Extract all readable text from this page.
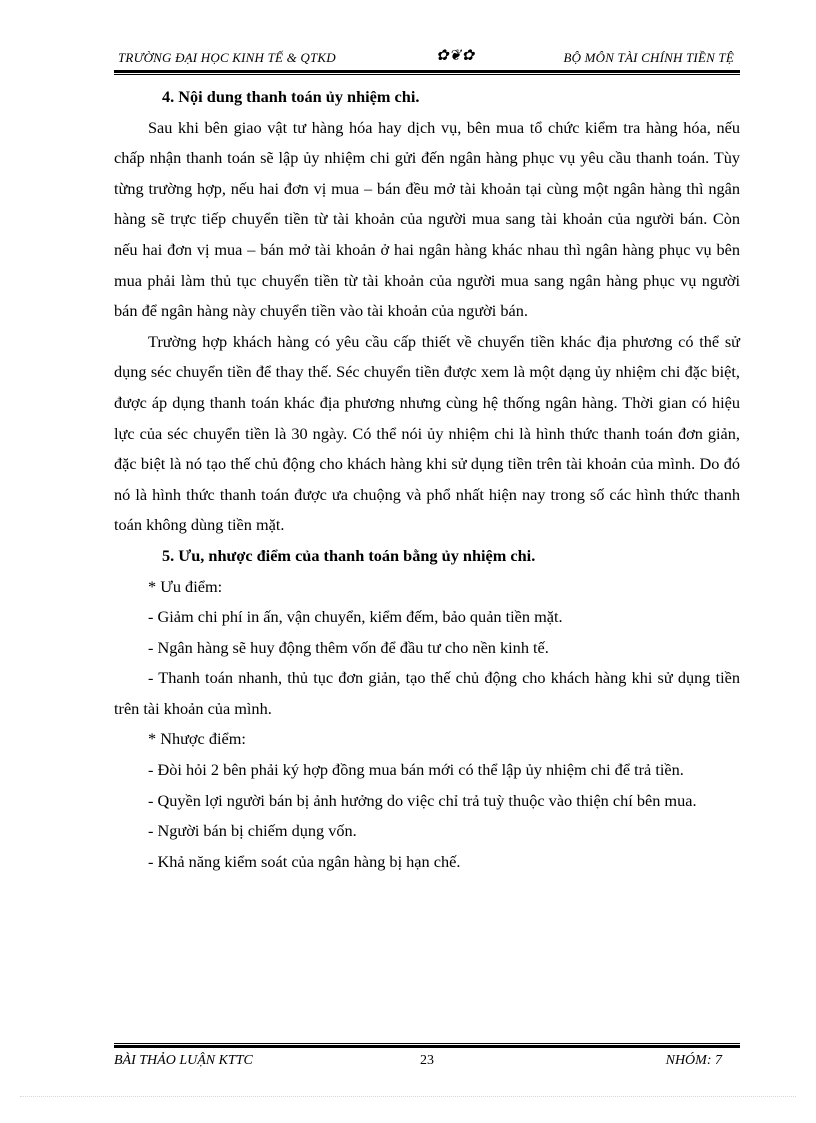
TRƯỜNG ĐẠI HỌC KINH TẾ & QTKD	✿❦✿	BỘ MÔN TÀI CHÍNH TIỀN TỆ

4. Nội dung thanh toán ủy nhiệm chi.

Sau khi bên giao vật tư hàng hóa hay dịch vụ, bên mua tổ chức kiểm tra hàng hóa, nếu chấp nhận thanh toán sẽ lập ủy nhiệm chi gửi đến ngân hàng phục vụ yêu cầu thanh toán. Tùy từng trường hợp, nếu hai đơn vị mua – bán đều mở tài khoản tại cùng một ngân hàng thì ngân hàng sẽ trực tiếp chuyển tiền từ tài khoản của người mua sang tài khoản của người bán. Còn nếu hai đơn vị mua – bán mở tài khoản ở hai ngân hàng khác nhau thì ngân hàng phục vụ bên mua phải làm thủ tục chuyển tiền từ tài khoản của người mua sang ngân hàng phục vụ người bán để ngân hàng này chuyển tiền vào tài khoản của người bán.

Trường hợp khách hàng có yêu cầu cấp thiết về chuyển tiền khác địa phương có thể sử dụng séc chuyển tiền để thay thế. Séc chuyển tiền được xem là một dạng ủy nhiệm chi đặc biệt, được áp dụng thanh toán khác địa phương nhưng cùng hệ thống ngân hàng. Thời gian có hiệu lực của séc chuyển tiền là 30 ngày. Có thể nói ủy nhiệm chi là hình thức thanh toán đơn giản, đặc biệt là nó tạo thế chủ động cho khách hàng khi sử dụng tiền trên tài khoản của mình. Do đó nó là hình thức thanh toán được ưa chuộng và phổ nhất hiện nay trong số các hình thức thanh toán không dùng tiền mặt.

5. Ưu, nhược điểm của thanh toán bằng ủy nhiệm chi.

* Ưu điểm:

- Giảm chi phí in ấn, vận chuyển, kiểm đếm, bảo quản tiền mặt.

- Ngân hàng sẽ huy động thêm vốn để đầu tư cho nền kinh tế.

- Thanh toán nhanh, thủ tục đơn giản, tạo thế chủ động cho khách hàng khi sử dụng tiền trên tài khoản của mình.

* Nhược điểm:

- Đòi hỏi 2 bên phải ký hợp đồng mua bán mới có thể lập ủy nhiệm chi để trả tiền.

- Quyền lợi người bán bị ảnh hưởng do việc chỉ trả tuỳ thuộc vào thiện chí bên mua.

- Người bán bị chiếm dụng vốn.

- Khả năng kiểm soát của ngân hàng bị hạn chế.

BÀI THẢO LUẬN KTTC	23	NHÓM: 7
